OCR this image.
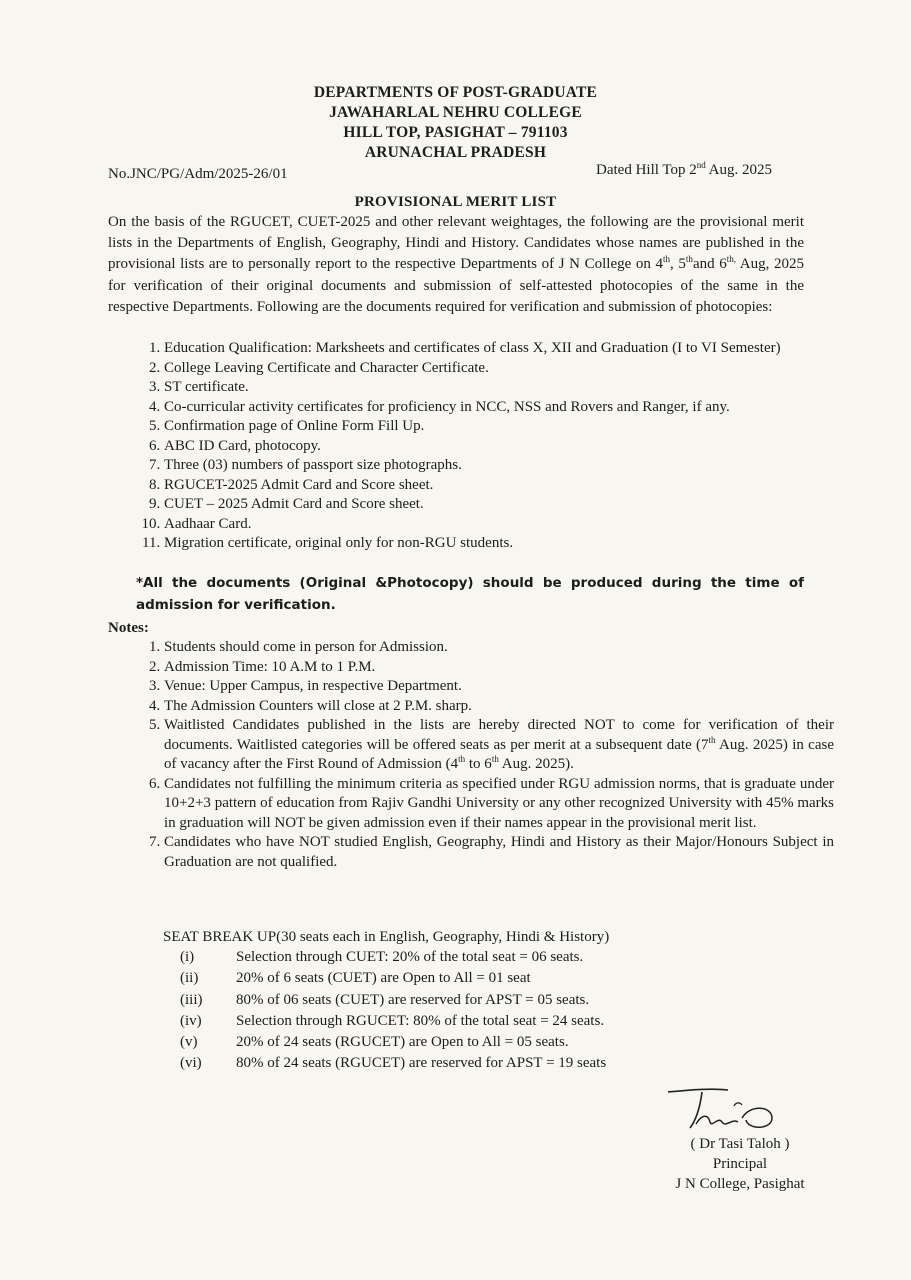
DEPARTMENTS OF POST-GRADUATE
JAWAHARLAL NEHRU COLLEGE
HILL TOP, PASIGHAT – 791103
ARUNACHAL PRADESH
No.JNC/PG/Adm/2025-26/01	Dated Hill Top 2nd Aug. 2025
PROVISIONAL MERIT LIST
On the basis of the RGUCET, CUET-2025 and other relevant weightages, the following are the provisional merit lists in the Departments of English, Geography, Hindi and History. Candidates whose names are published in the provisional lists are to personally report to the respective Departments of J N College on 4th, 5thand $6^{th,}$ Aug, 2025 for verification of their original documents and submission of self-attested photocopies of the same in the respective Departments. Following are the documents required for verification and submission of photocopies:
1. Education Qualification: Marksheets and certificates of class X, XII and Graduation (I to VI Semester)
2. College Leaving Certificate and Character Certificate.
3. ST certificate.
4. Co-curricular activity certificates for proficiency in NCC, NSS and Rovers and Ranger, if any.
5. Confirmation page of Online Form Fill Up.
6. ABC ID Card, photocopy.
7. Three (03) numbers of passport size photographs.
8. RGUCET-2025 Admit Card and Score sheet.
9. CUET – 2025 Admit Card and Score sheet.
10. Aadhaar Card.
11. Migration certificate, original only for non-RGU students.
*All the documents (Original &Photocopy) should be produced during the time of admission for verification.
Notes:
1. Students should come in person for Admission.
2. Admission Time: 10 A.M to 1 P.M.
3. Venue: Upper Campus, in respective Department.
4. The Admission Counters will close at 2 P.M. sharp.
5. Waitlisted Candidates published in the lists are hereby directed NOT to come for verification of their documents. Waitlisted categories will be offered seats as per merit at a subsequent date (7th Aug. 2025) in case of vacancy after the First Round of Admission (4th to 6th Aug. 2025).
6. Candidates not fulfilling the minimum criteria as specified under RGU admission norms, that is graduate under 10+2+3 pattern of education from Rajiv Gandhi University or any other recognized University with 45% marks in graduation will NOT be given admission even if their names appear in the provisional merit list.
7. Candidates who have NOT studied English, Geography, Hindi and History as their Major/Honours Subject in Graduation are not qualified.
SEAT BREAK UP(30 seats each in English, Geography, Hindi & History)
(i)	Selection through CUET: 20% of the total seat = 06 seats.
(ii)	20% of 6 seats (CUET) are Open to All = 01 seat
(iii)	80% of 06 seats (CUET) are reserved for APST = 05 seats.
(iv)	Selection through RGUCET: 80% of the total seat = 24 seats.
(v)	20% of 24 seats (RGUCET) are Open to All = 05 seats.
(vi)	80% of 24 seats (RGUCET) are reserved for APST = 19 seats
( Dr Tasi Taloh )
Principal
J N College, Pasighat
